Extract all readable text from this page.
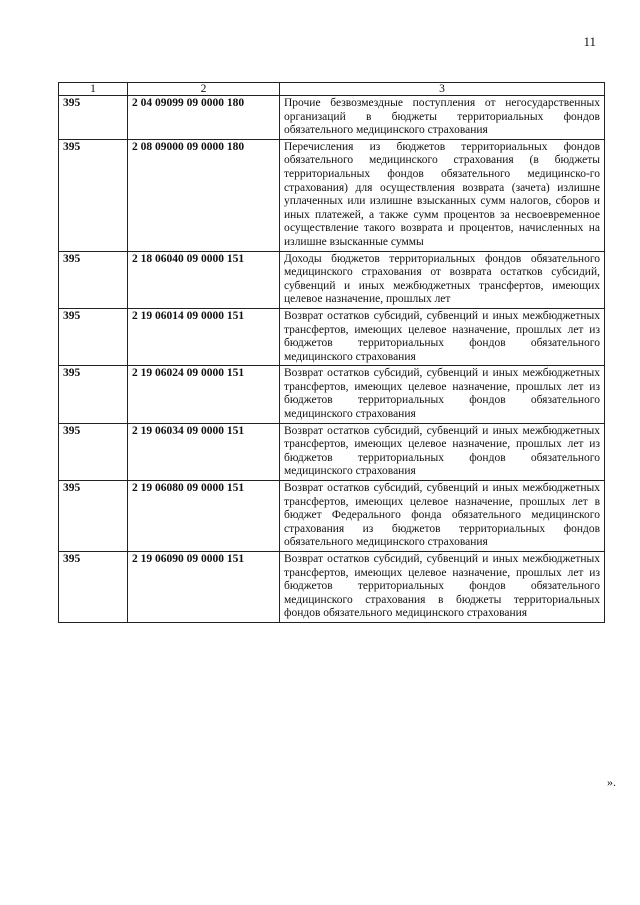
11
1	2	3
395	2 04 09099 09 0000 180	Прочие безвозмездные поступления от негосударственных организаций в бюджеты территориальных фондов обязательного медицинского страхования
395	2 08 09000 09 0000 180	Перечисления из бюджетов территориальных фондов обязательного медицинского страхования (в бюджеты территориальных фондов обязательного медицинско-го страхования) для осуществления возврата (зачета) излишне уплаченных или излишне взысканных сумм налогов, сборов и иных платежей, а также сумм процентов за несвоевременное осуществление такого возврата и процентов, начисленных на излишне взысканные суммы
395	2 18 06040 09 0000 151	Доходы бюджетов территориальных фондов обязательного медицинского страхования от возврата остатков субсидий, субвенций и иных межбюджетных трансфертов, имеющих целевое назначение, прошлых лет
395	2 19 06014 09 0000 151	Возврат остатков субсидий, субвенций и иных межбюджетных трансфертов, имеющих целевое назначение, прошлых лет из бюджетов территориальных фондов обязательного медицинского страхования
395	2 19 06024 09 0000 151	Возврат остатков субсидий, субвенций и иных межбюджетных трансфертов, имеющих целевое назначение, прошлых лет из бюджетов территориальных фондов обязательного медицинского страхования
395	2 19 06034 09 0000 151	Возврат остатков субсидий, субвенций и иных межбюджетных трансфертов, имеющих целевое назначение, прошлых лет из бюджетов территориальных фондов обязательного медицинского страхования
395	2 19 06080 09 0000 151	Возврат остатков субсидий, субвенций и иных межбюджетных трансфертов, имеющих целевое назначение, прошлых лет в бюджет Федерального фонда обязательного медицинского страхования из бюджетов территориальных фондов обязательного медицинского страхования
395	2 19 06090 09 0000 151	Возврат остатков субсидий, субвенций и иных межбюджетных трансфертов, имеющих целевое назначение, прошлых лет из бюджетов территориальных фондов обязательного медицинского страхования в бюджеты территориальных фондов обязательного медицинского страхования
».
